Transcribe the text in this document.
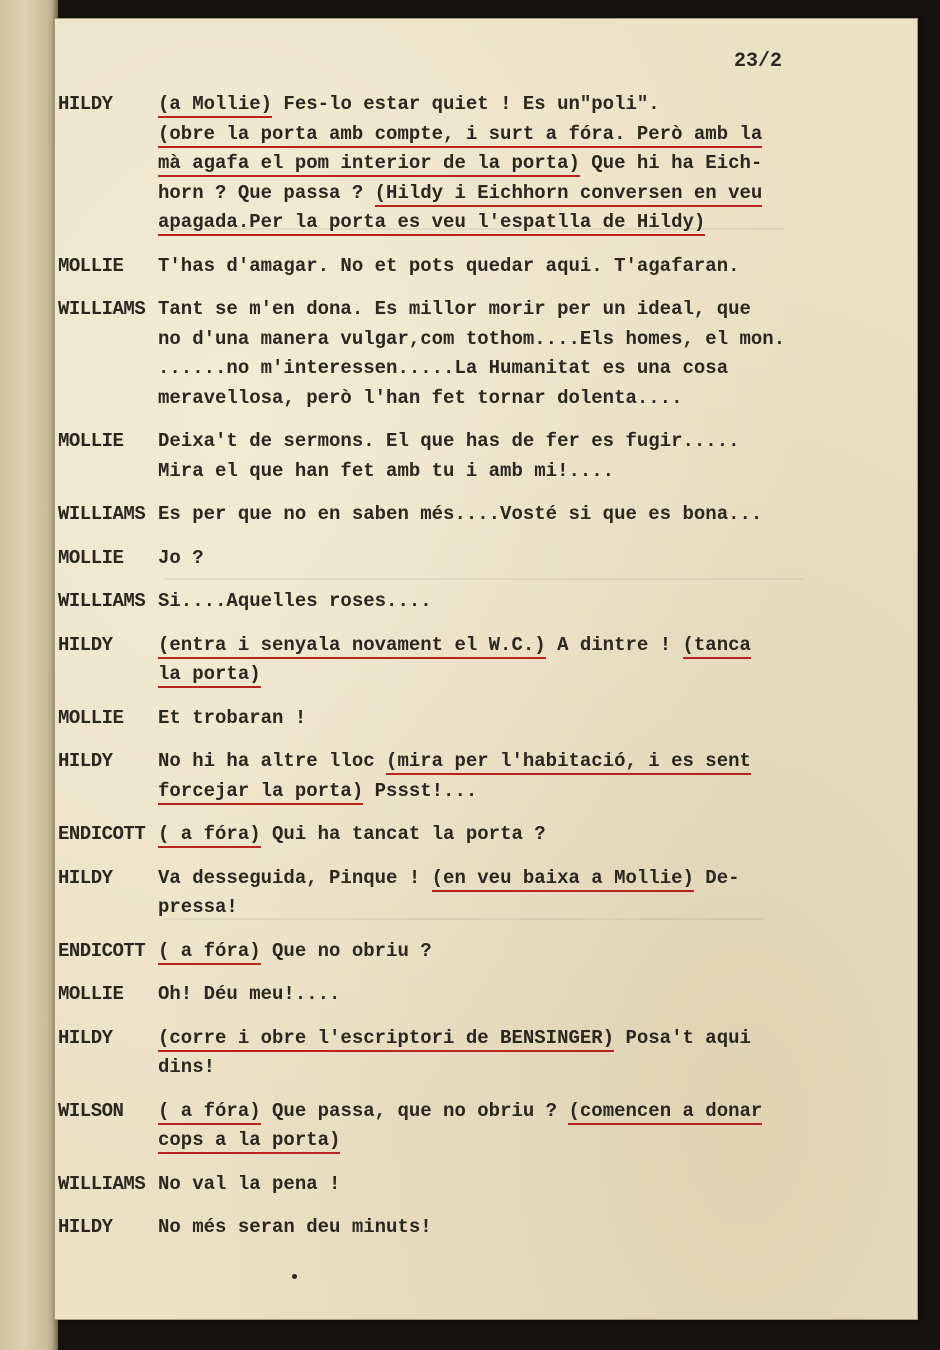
23/2
HILDY	(a Mollie) Fes-lo estar quiet ! Es un"poli".
(obre la porta amb compte, i surt a fóra. Però amb la
mà agafa el pom interior de la porta) Que hi ha Eich-
horn ? Que passa ? (Hildy i Eichhorn conversen en veu
apagada.Per la porta es veu l'espatlla de Hildy)
MOLLIE	T'has d'amagar. No et pots quedar aqui. T'agafaran.
WILLIAMS Tant se m'en dona. Es millor morir per un ideal, que
no d'una manera vulgar,com tothom....Els homes, el mon.
......no m'interessen.....La Humanitat es una cosa
meravellosa, però l'han fet tornar dolenta....
MOLLIE	Deixa't de sermons. El que has de fer es fugir.....
Mira el que han fet amb tu i amb mi!....
WILLIAMS Es per que no en saben més....Vosté si que es bona...
MOLLIE	Jo ?
WILLIAMS Si....Aquelles roses....
HILDY	(entra i senyala novament el W.C.) A dintre ! (tanca
la porta)
MOLLIE	Et trobaran !
HILDY	No hi ha altre lloc (mira per l'habitació, i es sent
forcejar la porta) Pssst!...
ENDICOTT ( a fóra) Qui ha tancat la porta ?
HILDY	Va desseguida, Pinque ! (en veu baixa a Mollie) De-
pressa!
ENDICOTT ( a fóra) Que no obriu ?
MOLLIE	Oh! Déu meu!....
HILDY	(corre i obre l'escriptori de BENSINGER) Posa't aqui
dins!
WILSON	( a fóra) Que passa, que no obriu ? (comencen a donar
cops a la porta)
WILLIAMS No val la pena !
HILDY	No més seran deu minuts!
